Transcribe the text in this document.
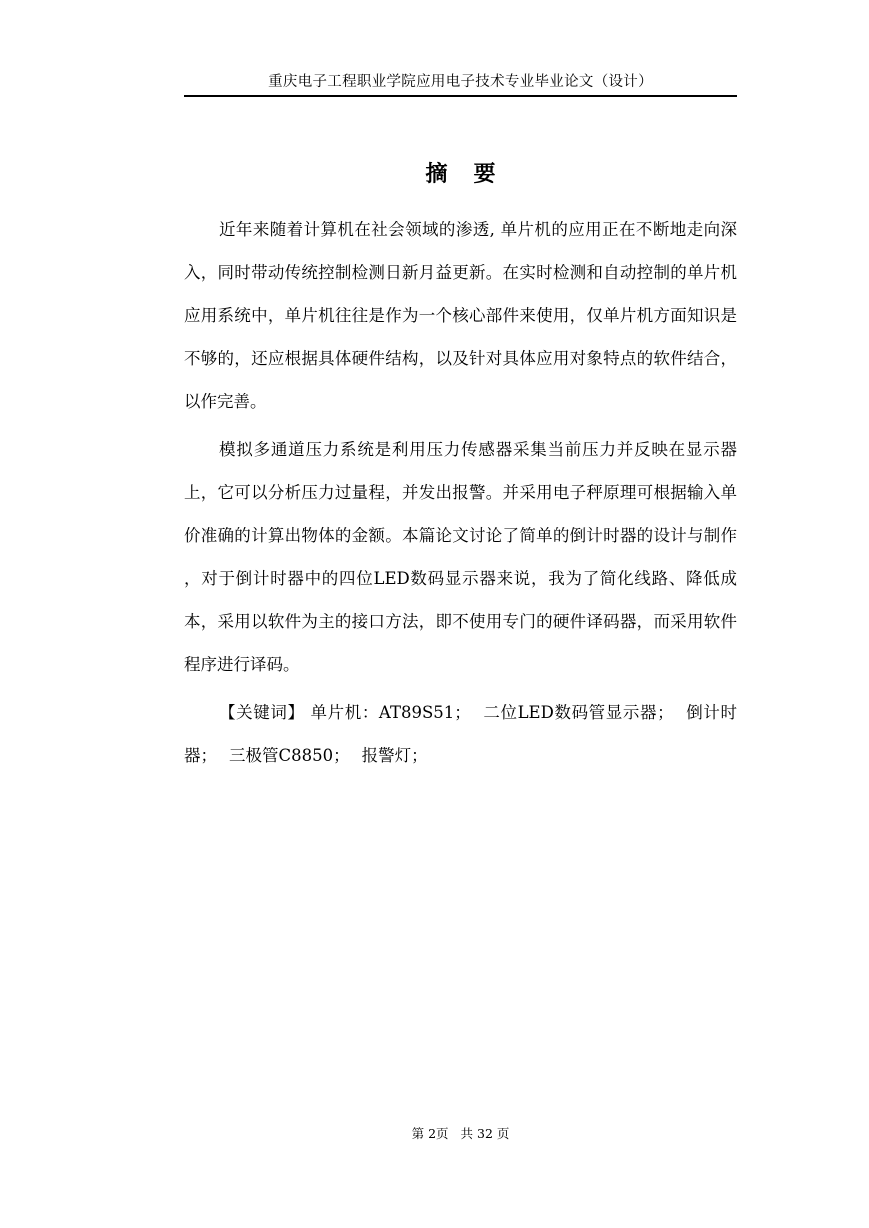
重庆电子工程职业学院应用电子技术专业毕业论文（设计）
摘要

近年来随着计算机在社会领域的渗透, 单片机的应用正在不断地走向深入，同时带动传统控制检测日新月益更新。在实时检测和自动控制的单片机应用系统中，单片机往往是作为一个核心部件来使用，仅单片机方面知识是不够的，还应根据具体硬件结构，以及针对具体应用对象特点的软件结合，以作完善。

模拟多通道压力系统是利用压力传感器采集当前压力并反映在显示器上，它可以分析压力过量程，并发出报警。并采用电子秤原理可根据输入单价准确的计算出物体的金额。本篇论文讨论了简单的倒计时器的设计与制作 ，对于倒计时器中的四位LED数码显示器来说，我为了简化线路、降低成本，采用以软件为主的接口方法，即不使用专门的硬件译码器，而采用软件程序进行译码。

【关键词】 单片机：AT89S51； 二位LED数码管显示器； 倒计时器； 三极管C8850； 报警灯；

第 2页 共 32 页
